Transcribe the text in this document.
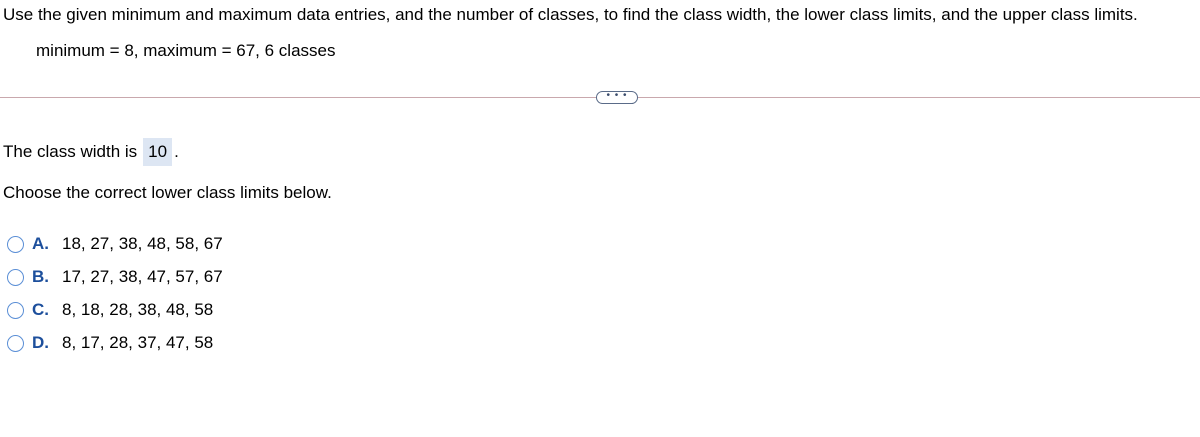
Use the given minimum and maximum data entries, and the number of classes, to find the class width, the lower class limits, and the upper class limits.
minimum = 8, maximum = 67, 6 classes
• • •
The class width is 10 .
Choose the correct lower class limits below.
A. 18, 27, 38, 48, 58, 67
B. 17, 27, 38, 47, 57, 67
C. 8, 18, 28, 38, 48, 58
D. 8, 17, 28, 37, 47, 58
